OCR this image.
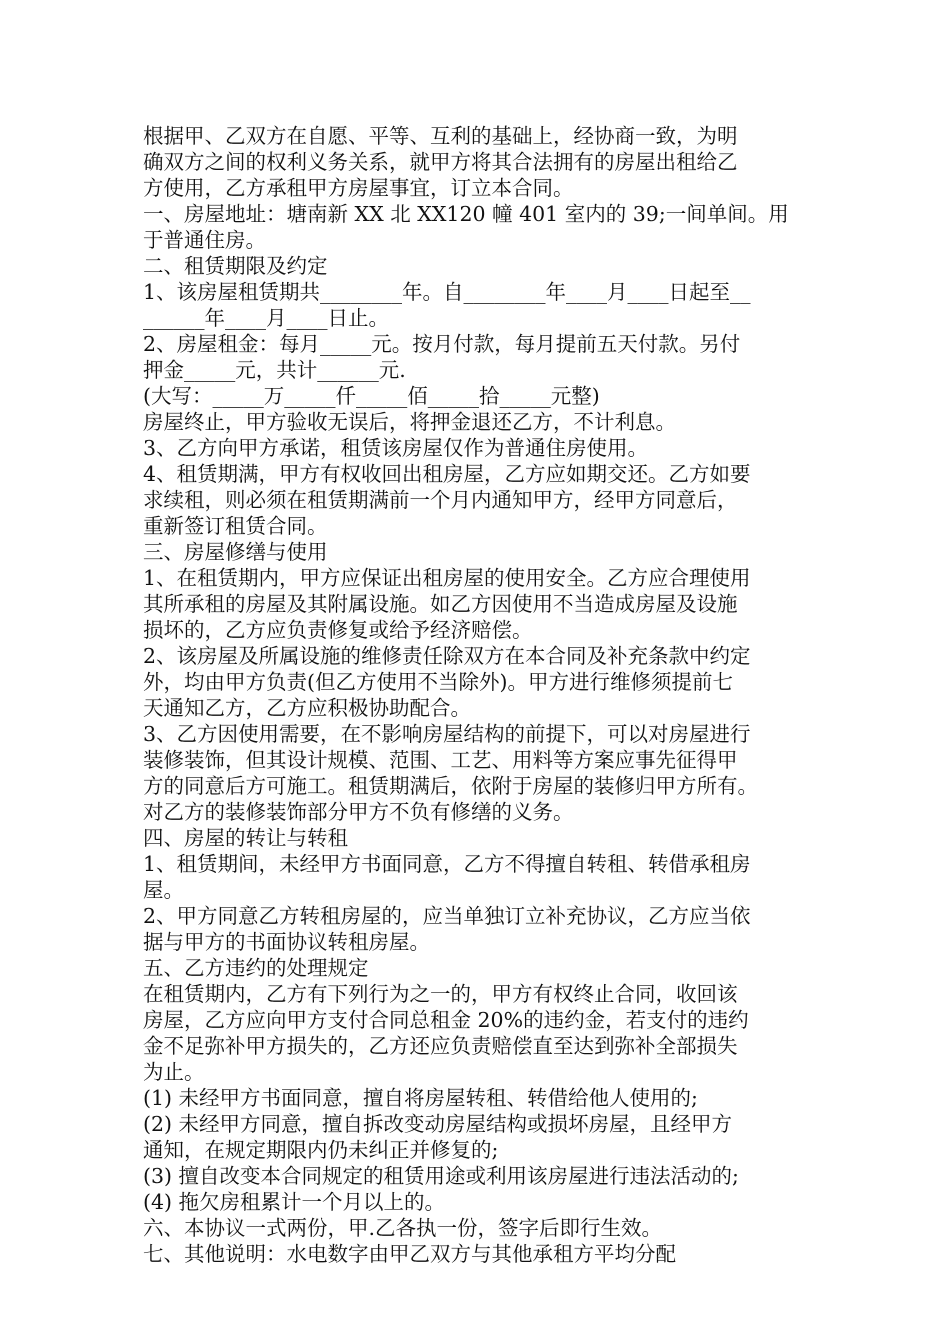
根据甲、乙双方在自愿、平等、互利的基础上，经协商一致，为明
确双方之间的权利义务关系，就甲方将其合法拥有的房屋出租给乙
方使用，乙方承租甲方房屋事宜，订立本合同。
一、房屋地址：塘南新 XX 北 XX120 幢 401 室内的 39;一间单间。用
于普通住房。
二、租赁期限及约定
1、该房屋租赁期共________年。自________年____月____日起至__
______年____月____日止。
2、房屋租金：每月_____元。按月付款，每月提前五天付款。另付
押金_____元，共计______元.
(大写：_____万_____仟_____佰_____拾_____元整)
房屋终止，甲方验收无误后，将押金退还乙方，不计利息。
3、乙方向甲方承诺，租赁该房屋仅作为普通住房使用。
4、租赁期满，甲方有权收回出租房屋，乙方应如期交还。乙方如要
求续租，则必须在租赁期满前一个月内通知甲方，经甲方同意后，
重新签订租赁合同。
三、房屋修缮与使用
1、在租赁期内，甲方应保证出租房屋的使用安全。乙方应合理使用
其所承租的房屋及其附属设施。如乙方因使用不当造成房屋及设施
损坏的，乙方应负责修复或给予经济赔偿。
2、该房屋及所属设施的维修责任除双方在本合同及补充条款中约定
外，均由甲方负责(但乙方使用不当除外)。甲方进行维修须提前七
天通知乙方，乙方应积极协助配合。
3、乙方因使用需要，在不影响房屋结构的前提下，可以对房屋进行
装修装饰，但其设计规模、范围、工艺、用料等方案应事先征得甲
方的同意后方可施工。租赁期满后，依附于房屋的装修归甲方所有。
对乙方的装修装饰部分甲方不负有修缮的义务。
四、房屋的转让与转租
1、租赁期间，未经甲方书面同意，乙方不得擅自转租、转借承租房
屋。
2、甲方同意乙方转租房屋的，应当单独订立补充协议，乙方应当依
据与甲方的书面协议转租房屋。
五、乙方违约的处理规定
在租赁期内，乙方有下列行为之一的，甲方有权终止合同，收回该
房屋，乙方应向甲方支付合同总租金 20%的违约金，若支付的违约
金不足弥补甲方损失的，乙方还应负责赔偿直至达到弥补全部损失
为止。
(1) 未经甲方书面同意，擅自将房屋转租、转借给他人使用的;
(2) 未经甲方同意，擅自拆改变动房屋结构或损坏房屋，且经甲方
通知，在规定期限内仍未纠正并修复的;
(3) 擅自改变本合同规定的租赁用途或利用该房屋进行违法活动的;
(4) 拖欠房租累计一个月以上的。
六、本协议一式两份，甲.乙各执一份，签字后即行生效。
七、其他说明：水电数字由甲乙双方与其他承租方平均分配
